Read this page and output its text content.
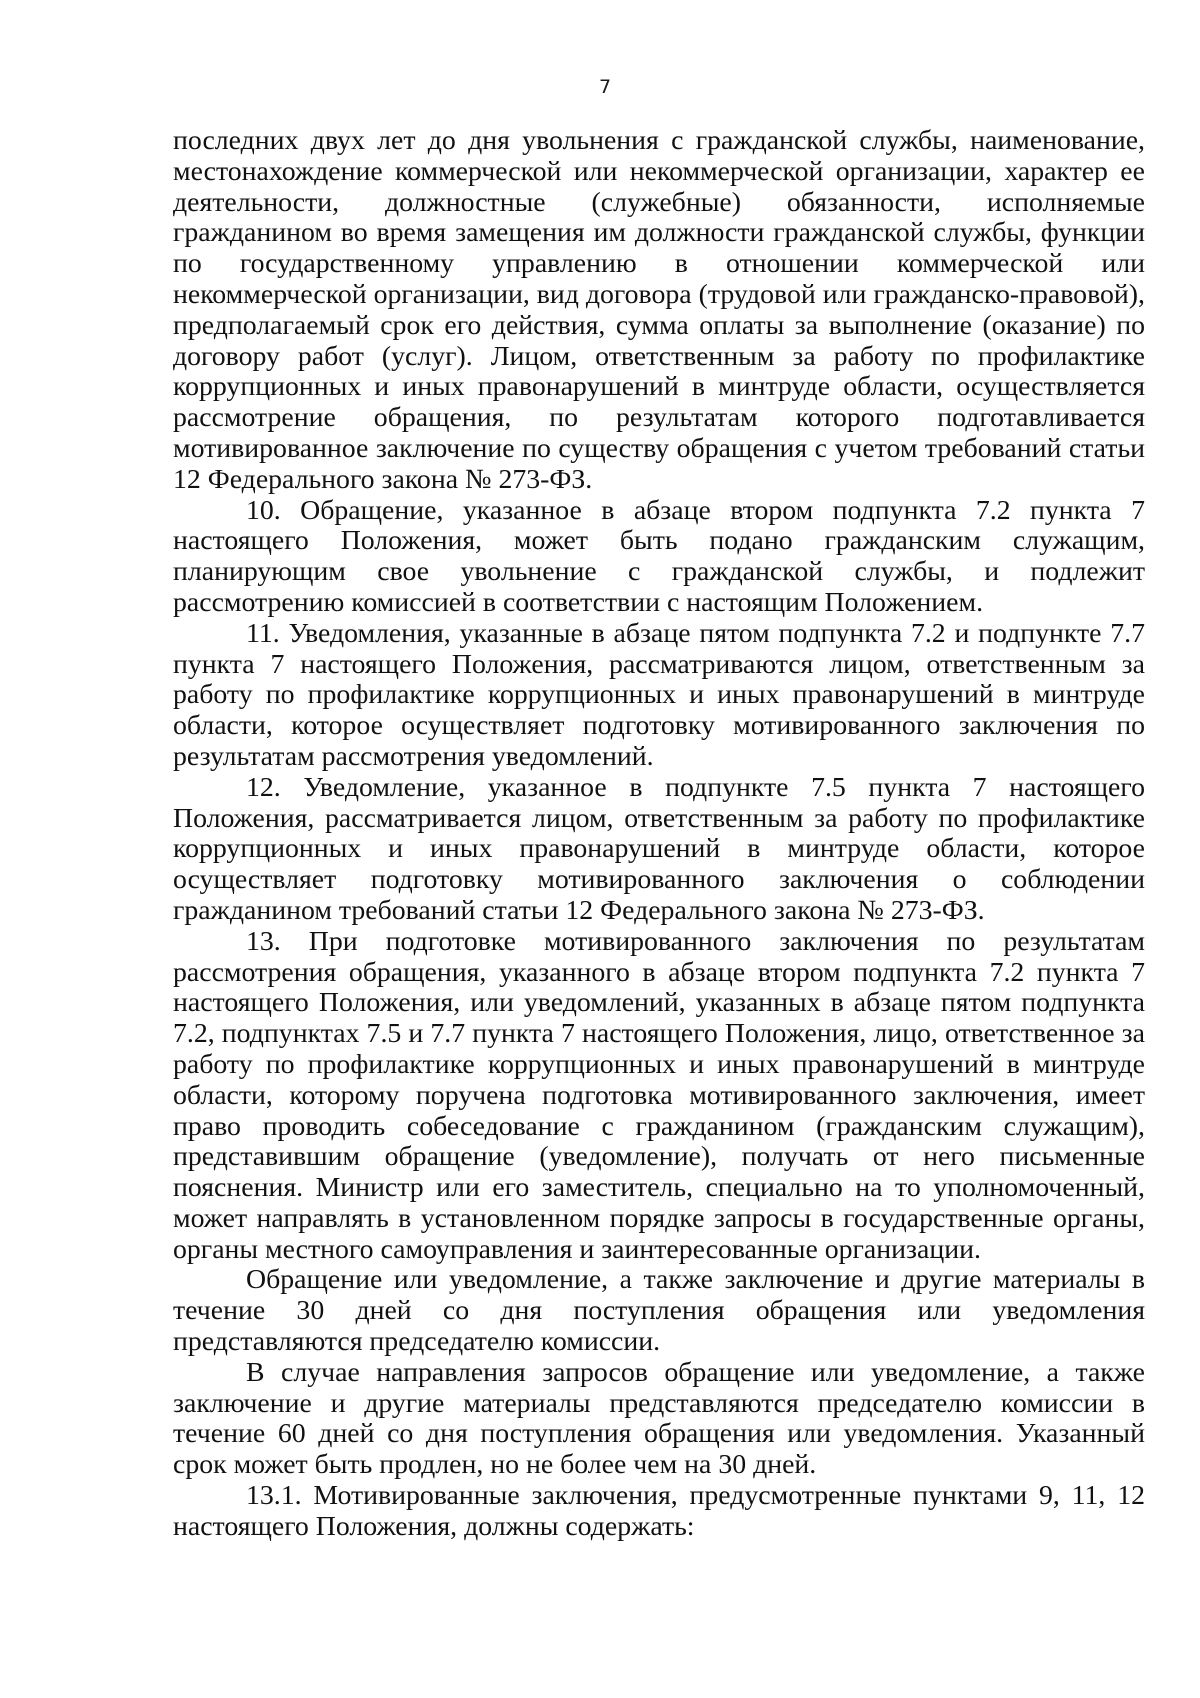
7

последних двух лет до дня увольнения с гражданской службы, наименование, местонахождение коммерческой или некоммерческой организации, характер ее деятельности, должностные (служебные) обязанности, исполняемые гражданином во время замещения им должности гражданской службы, функции по государственному управлению в отношении коммерческой или некоммерческой организации, вид договора (трудовой или гражданско-правовой), предполагаемый срок его действия, сумма оплаты за выполнение (оказание) по договору работ (услуг). Лицом, ответственным за работу по профилактике коррупционных и иных правонарушений в минтруде области, осуществляется рассмотрение обращения, по результатам которого подготавливается мотивированное заключение по существу обращения с учетом требований статьи 12 Федерального закона № 273-ФЗ.

10. Обращение, указанное в абзаце втором подпункта 7.2 пункта 7 настоящего Положения, может быть подано гражданским служащим, планирующим свое увольнение с гражданской службы, и подлежит рассмотрению комиссией в соответствии с настоящим Положением.

11. Уведомления, указанные в абзаце пятом подпункта 7.2 и подпункте 7.7 пункта 7 настоящего Положения, рассматриваются лицом, ответственным за работу по профилактике коррупционных и иных правонарушений в минтруде области, которое осуществляет подготовку мотивированного заключения по результатам рассмотрения уведомлений.

12. Уведомление, указанное в подпункте 7.5 пункта 7 настоящего Положения, рассматривается лицом, ответственным за работу по профилактике коррупционных и иных правонарушений в минтруде области, которое осуществляет подготовку мотивированного заключения о соблюдении гражданином требований статьи 12 Федерального закона № 273-ФЗ.

13. При подготовке мотивированного заключения по результатам рассмотрения обращения, указанного в абзаце втором подпункта 7.2 пункта 7 настоящего Положения, или уведомлений, указанных в абзаце пятом подпункта 7.2, подпунктах 7.5 и 7.7 пункта 7 настоящего Положения, лицо, ответственное за работу по профилактике коррупционных и иных правонарушений в минтруде области, которому поручена подготовка мотивированного заключения, имеет право проводить собеседование с гражданином (гражданским служащим), представившим обращение (уведомление), получать от него письменные пояснения. Министр или его заместитель, специально на то уполномоченный, может направлять в установленном порядке запросы в государственные органы, органы местного самоуправления и заинтересованные организации.

Обращение или уведомление, а также заключение и другие материалы в течение 30 дней со дня поступления обращения или уведомления представляются председателю комиссии.

В случае направления запросов обращение или уведомление, а также заключение и другие материалы представляются председателю комиссии в течение 60 дней со дня поступления обращения или уведомления. Указанный срок может быть продлен, но не более чем на 30 дней.

13.1. Мотивированные заключения, предусмотренные пунктами 9, 11, 12 настоящего Положения, должны содержать:
